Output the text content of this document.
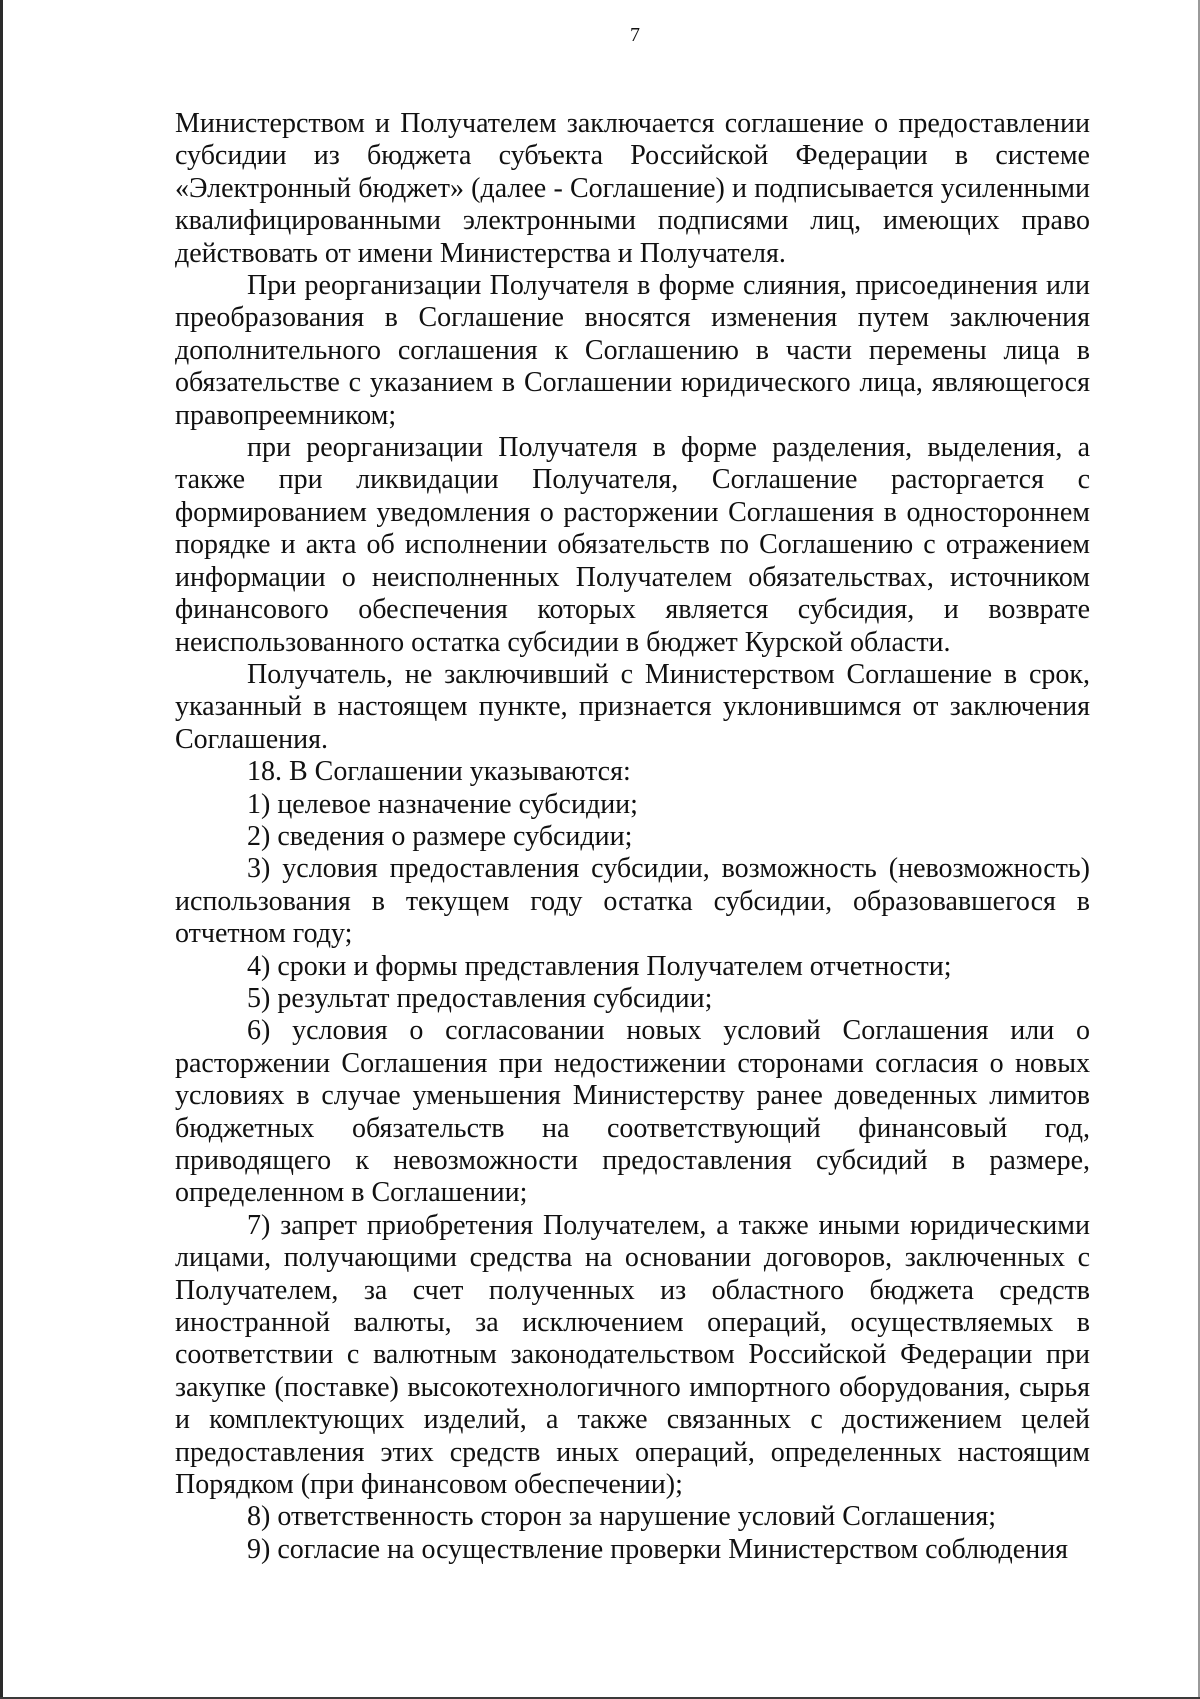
7

Министерством и Получателем заключается соглашение о предоставлении субсидии из бюджета субъекта Российской Федерации в системе «Электронный бюджет» (далее - Соглашение) и подписывается усиленными квалифицированными электронными подписями лиц, имеющих право действовать от имени Министерства и Получателя.

При реорганизации Получателя в форме слияния, присоединения или преобразования в Соглашение вносятся изменения путем заключения дополнительного соглашения к Соглашению в части перемены лица в обязательстве с указанием в Соглашении юридического лица, являющегося правопреемником;

при реорганизации Получателя в форме разделения, выделения, а также при ликвидации Получателя, Соглашение расторгается с формированием уведомления о расторжении Соглашения в одностороннем порядке и акта об исполнении обязательств по Соглашению с отражением информации о неисполненных Получателем обязательствах, источником финансового обеспечения которых является субсидия, и возврате неиспользованного остатка субсидии в бюджет Курской области.

Получатель, не заключивший с Министерством Соглашение в срок, указанный в настоящем пункте, признается уклонившимся от заключения Соглашения.

18. В Соглашении указываются:

1) целевое назначение субсидии;

2) сведения о размере субсидии;

3) условия предоставления субсидии, возможность (невозможность) использования в текущем году остатка субсидии, образовавшегося в отчетном году;

4) сроки и формы представления Получателем отчетности;

5) результат предоставления субсидии;

6) условия о согласовании новых условий Соглашения или о расторжении Соглашения при недостижении сторонами согласия о новых условиях в случае уменьшения Министерству ранее доведенных лимитов бюджетных обязательств на соответствующий финансовый год, приводящего к невозможности предоставления субсидий в размере, определенном в Соглашении;

7) запрет приобретения Получателем, а также иными юридическими лицами, получающими средства на основании договоров, заключенных с Получателем, за счет полученных из областного бюджета средств иностранной валюты, за исключением операций, осуществляемых в соответствии с валютным законодательством Российской Федерации при закупке (поставке) высокотехнологичного импортного оборудования, сырья и комплектующих изделий, а также связанных с достижением целей предоставления этих средств иных операций, определенных настоящим Порядком (при финансовом обеспечении);

8) ответственность сторон за нарушение условий Соглашения;

9) согласие на осуществление проверки Министерством соблюдения
